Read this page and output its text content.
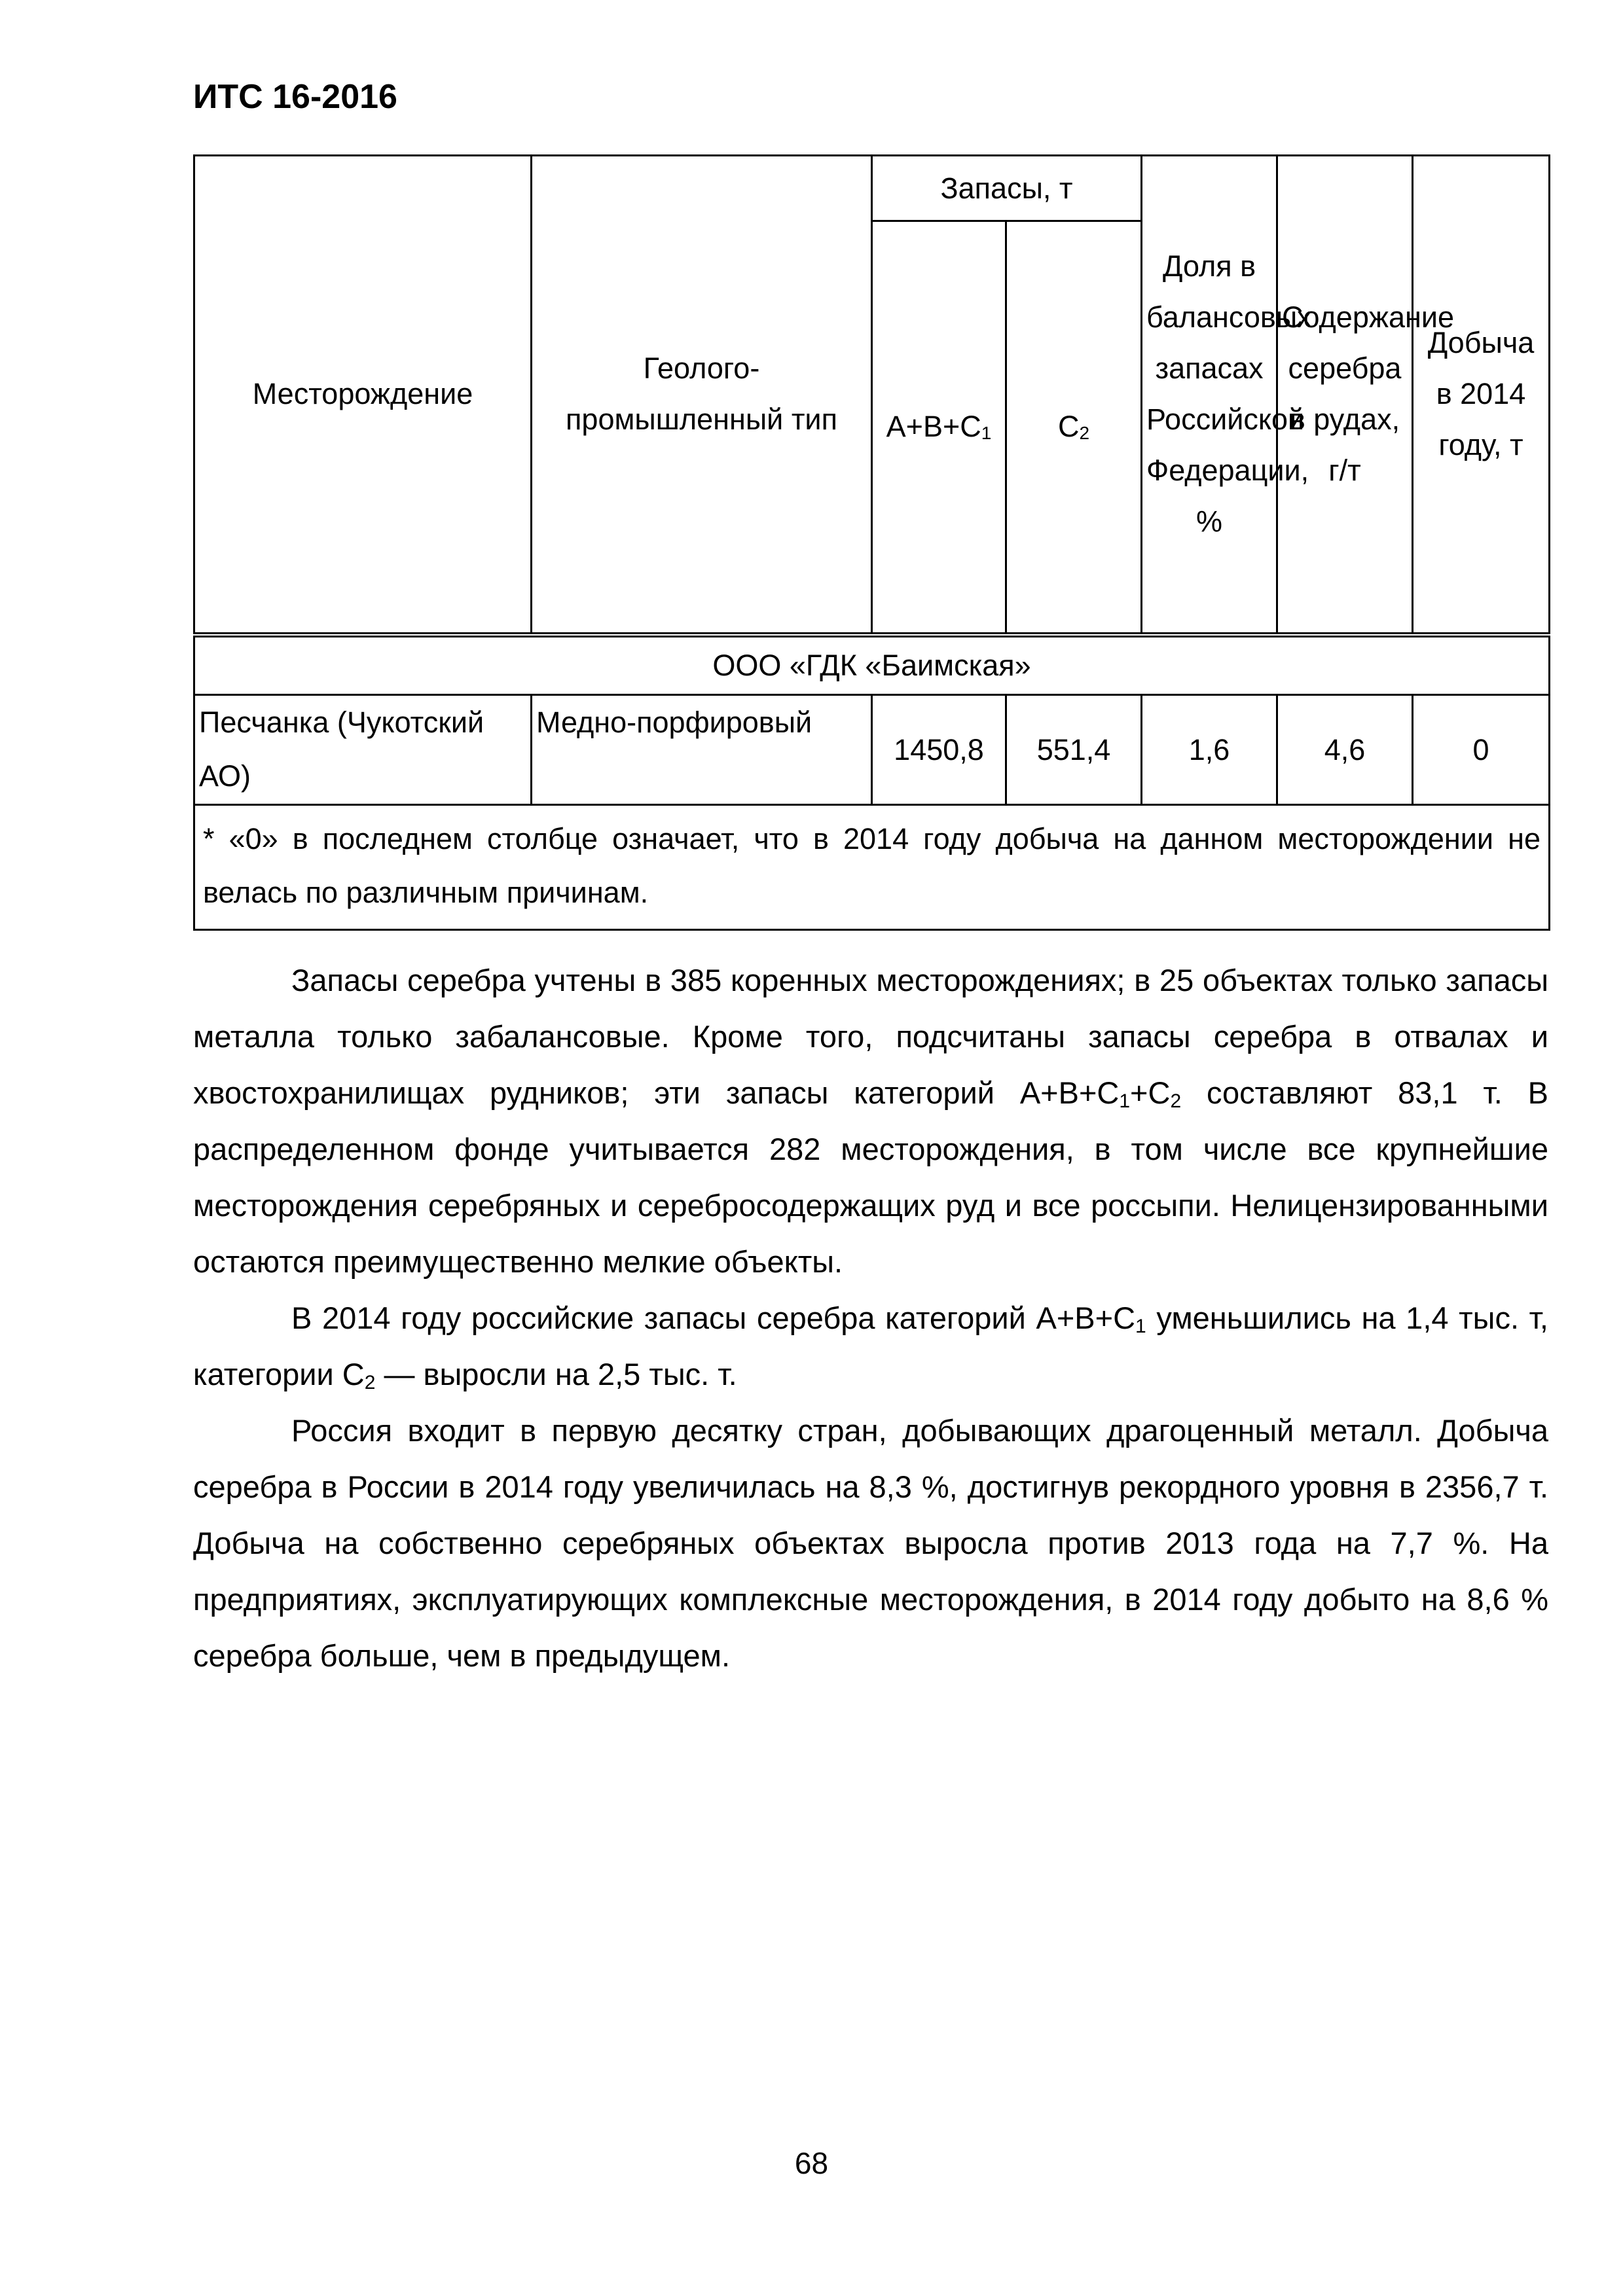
ИТС 16-2016
Месторождение	Геолого-промышленный тип	Запасы, т		Доля в балансовых запасах Российской Федерации, %	Содержание серебра в рудах, г/т	Добыча в 2014 году, т
		$А+В+С_1$	$С_2$
ООО «ГДК «Баимская»						
Песчанка (Чукотский АО)	Медно-порфировый	1450,8	551,4	1,6	4,6	0
* «0» в последнем столбце означает, что в 2014 году добыча на данном месторождении не велась по различным причинам.						

Запасы серебра учтены в 385 коренных месторождениях; в 25 объектах только запасы металла только забалансовые. Кроме того, подсчитаны запасы серебра в отвалах и хвостохранилищах рудников; эти запасы категорий $А+В+С_1+С_2$ составляют 83,1 т. В распределенном фонде учитывается 282 месторождения, в том числе все крупнейшие месторождения серебряных и сереброcодержащих руд и все россыпи. Нелицензированными остаются преимущественно мелкие объекты.

В 2014 году российские запасы серебра категорий $А+В+С_1$ уменьшились на 1,4 тыс. т, категории $С_2$ — выросли на 2,5 тыс. т.

Россия входит в первую десятку стран, добывающих драгоценный металл. Добыча серебра в России в 2014 году увеличилась на 8,3 %, достигнув рекордного уровня в 2356,7 т. Добыча на собственно серебряных объектах выросла против 2013 года на 7,7 %. На предприятиях, эксплуатирующих комплексные месторождения, в 2014 году добыто на 8,6 % серебра больше, чем в предыдущем.

68
